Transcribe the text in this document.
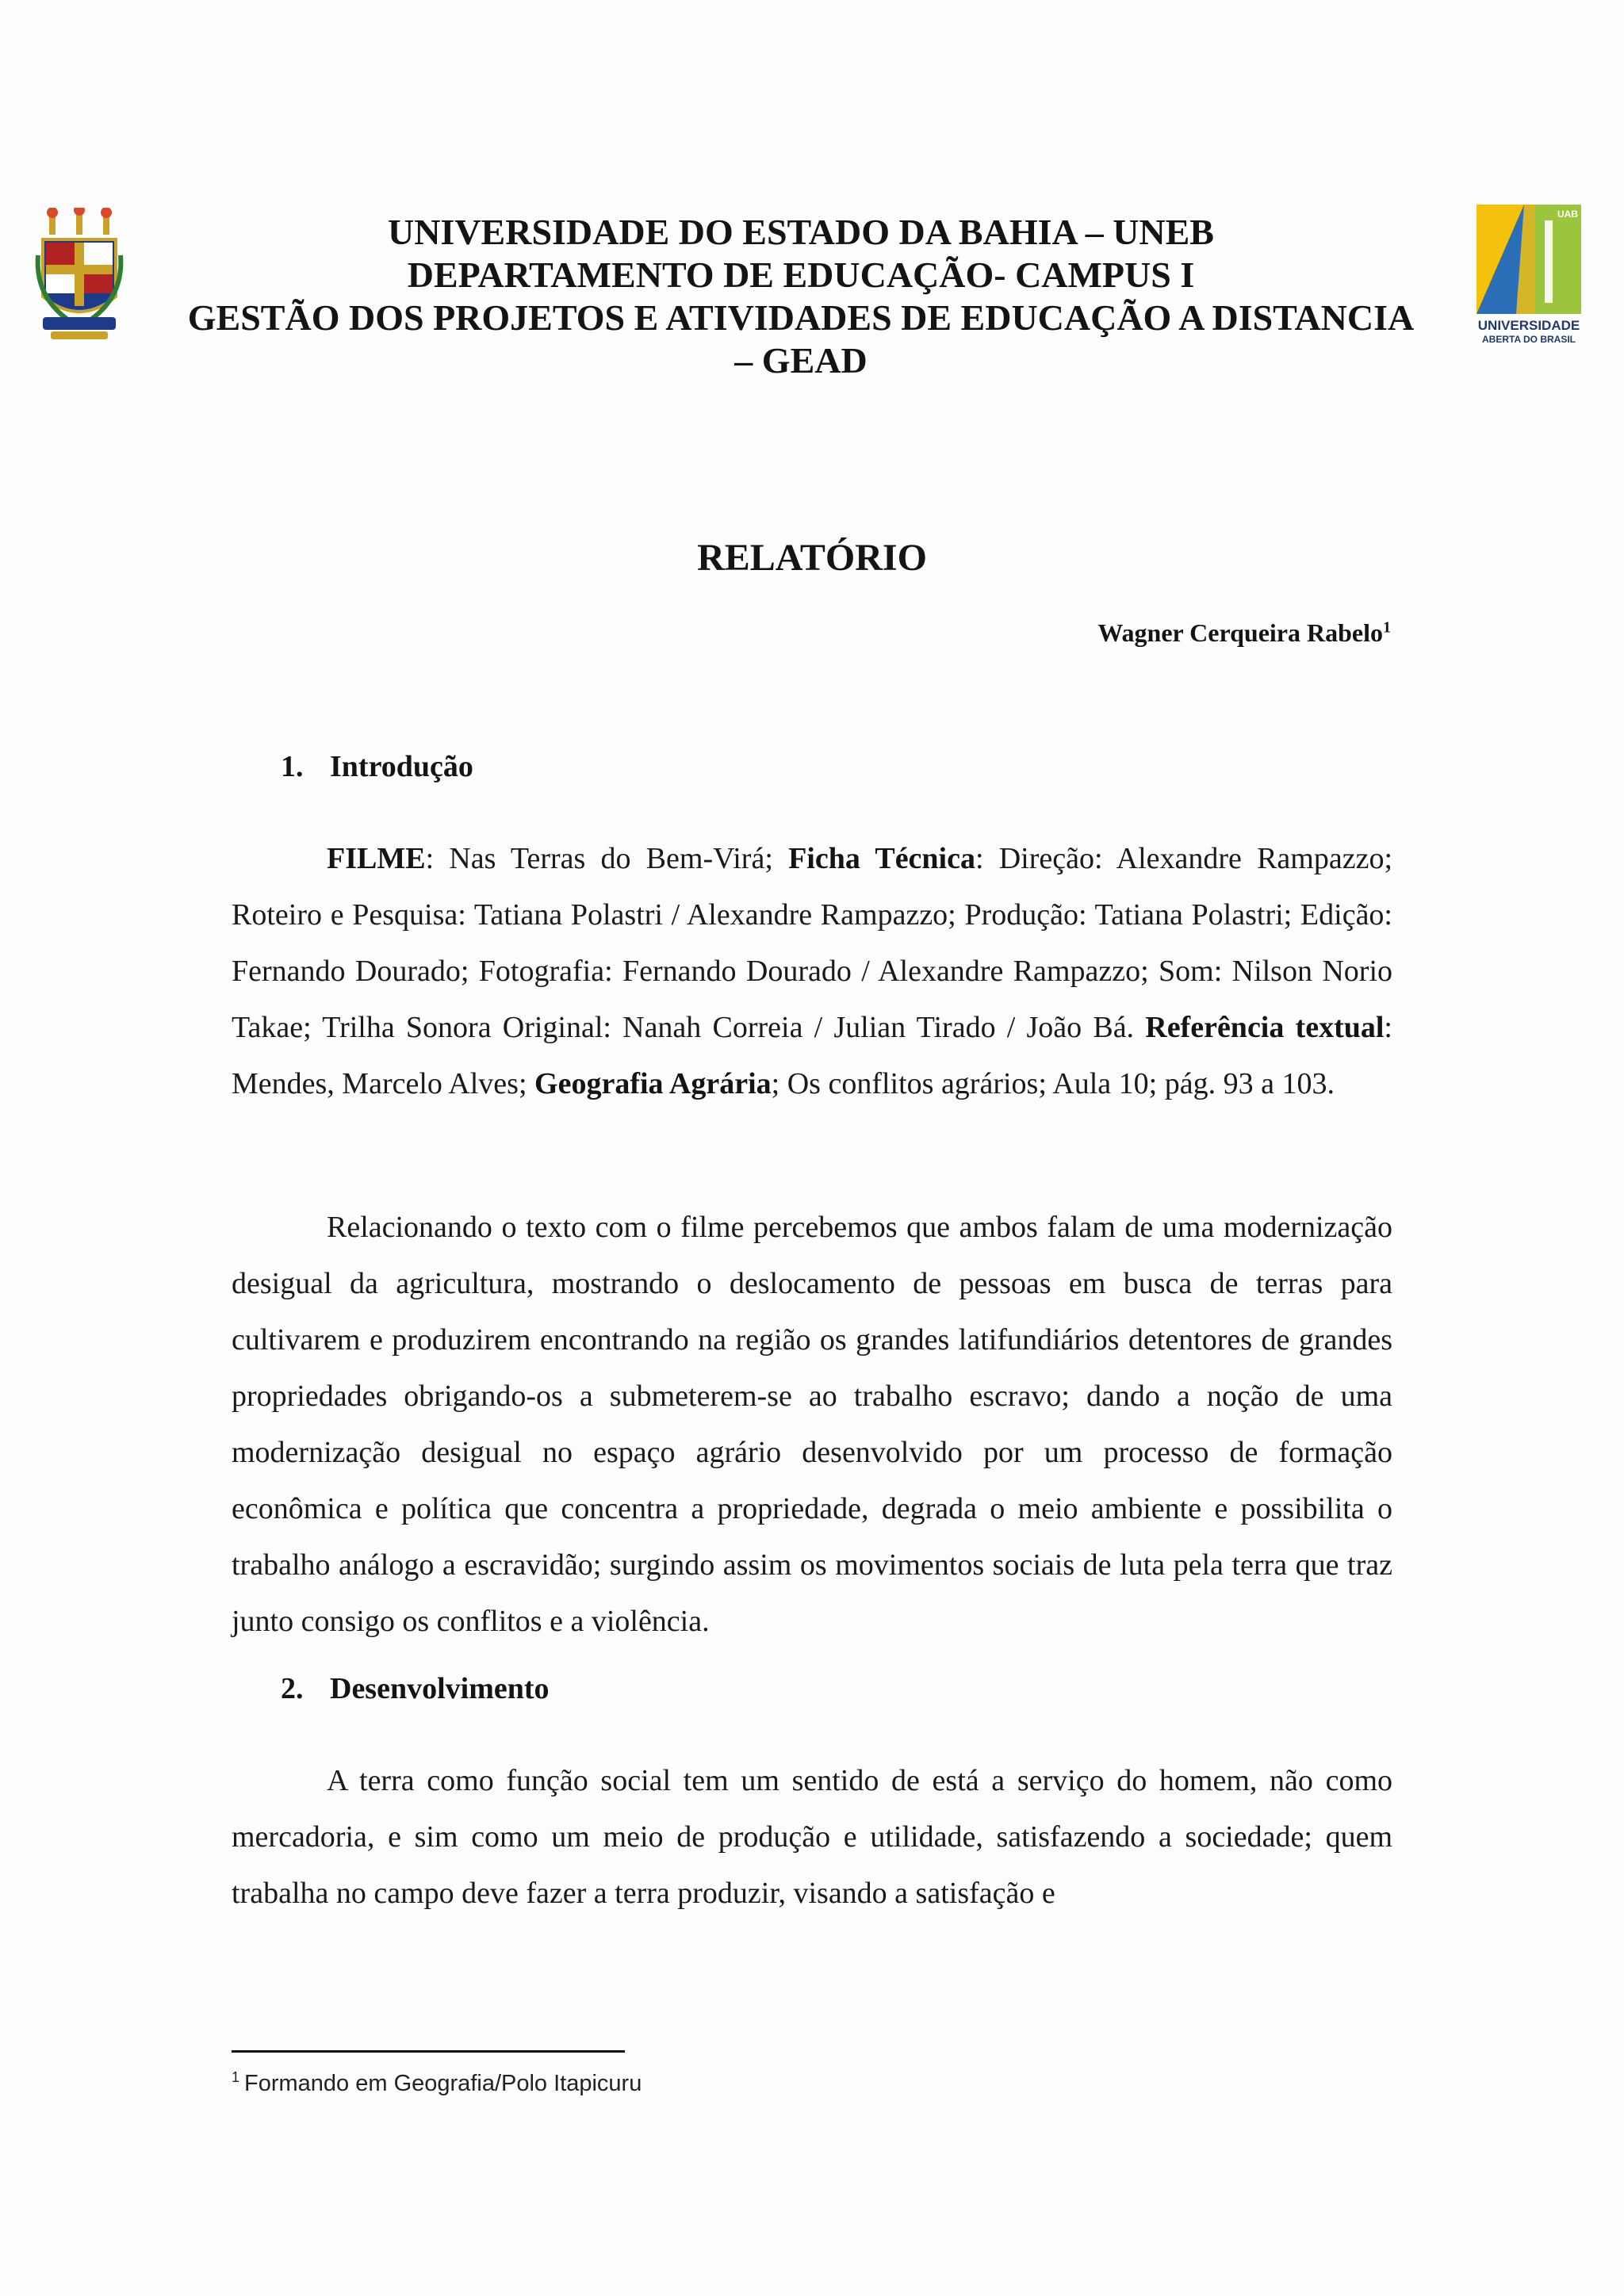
UAB
UNIVERSIDADE
ABERTA DO BRASIL
UNIVERSIDADE DO ESTADO DA BAHIA – UNEB
DEPARTAMENTO DE EDUCAÇÃO- CAMPUS I
GESTÃO DOS PROJETOS E ATIVIDADES DE EDUCAÇÃO A DISTANCIA
– GEAD
RELATÓRIO
Wagner Cerqueira Rabelo$^1$
1. Introdução
FILME: Nas Terras do Bem-Virá; Ficha Técnica: Direção: Alexandre Rampazzo; Roteiro e Pesquisa: Tatiana Polastri / Alexandre Rampazzo; Produção: Tatiana Polastri; Edição: Fernando Dourado; Fotografia: Fernando Dourado / Alexandre Rampazzo; Som: Nilson Norio Takae; Trilha Sonora Original: Nanah Correia / Julian Tirado / João Bá. Referência textual: Mendes, Marcelo Alves; Geografia Agrária; Os conflitos agrários; Aula 10; pág. 93 a 103.
Relacionando o texto com o filme percebemos que ambos falam de uma modernização desigual da agricultura, mostrando o deslocamento de pessoas em busca de terras para cultivarem e produzirem encontrando na região os grandes latifundiários detentores de grandes propriedades obrigando-os a submeterem-se ao trabalho escravo; dando a noção de uma modernização desigual no espaço agrário desenvolvido por um processo de formação econômica e política que concentra a propriedade, degrada o meio ambiente e possibilita o trabalho análogo a escravidão; surgindo assim os movimentos sociais de luta pela terra que traz junto consigo os conflitos e a violência.
2. Desenvolvimento
A terra como função social tem um sentido de está a serviço do homem, não como mercadoria, e sim como um meio de produção e utilidade, satisfazendo a sociedade; quem trabalha no campo deve fazer a terra produzir, visando a satisfação e
$^1$ Formando em Geografia/Polo Itapicuru
